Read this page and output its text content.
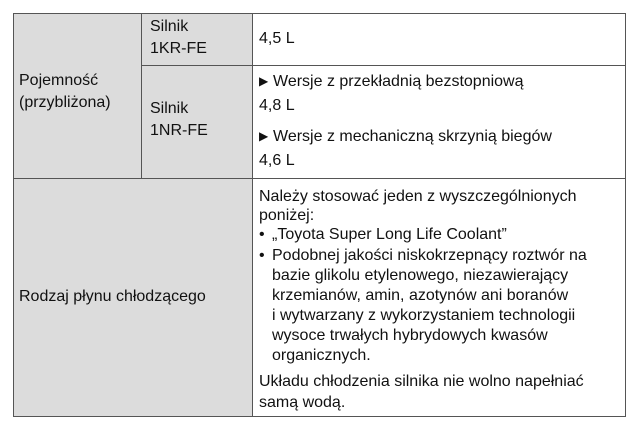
Pojemność
(przybliżona)
Silnik
1KR-FE
4,5 L
Silnik
1NR-FE
▶ Wersje z przekładnią bezstopniową
4,8 L
▶ Wersje z mechaniczną skrzynią biegów
4,6 L
Rodzaj płynu chłodzącego
Należy stosować jeden z wyszczególnionych
poniżej:
• „Toyota Super Long Life Coolant”
• Podobnej jakości niskokrzepnący roztwór na
bazie glikolu etylenowego, niezawierający
krzemianów, amin, azotynów ani boranów
i wytwarzany z wykorzystaniem technologii
wysoce trwałych hybrydowych kwasów
organicznych.
Układu chłodzenia silnika nie wolno napełniać
samą wodą.
